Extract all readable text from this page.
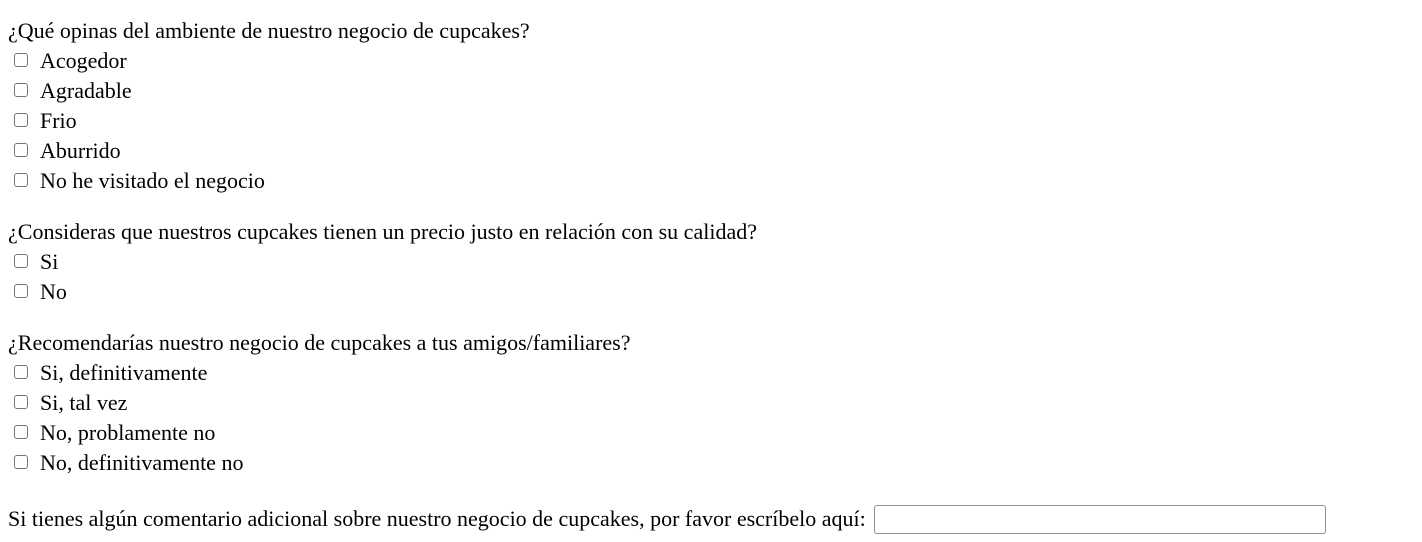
¿Qué opinas del ambiente de nuestro negocio de cupcakes?
Acogedor
Agradable
Frio
Aburrido
No he visitado el negocio
¿Consideras que nuestros cupcakes tienen un precio justo en relación con su calidad?
Si
No
¿Recomendarías nuestro negocio de cupcakes a tus amigos/familiares?
Si, definitivamente
Si, tal vez
No, problamente no
No, definitivamente no
Si tienes algún comentario adicional sobre nuestro negocio de cupcakes, por favor escríbelo aquí:
